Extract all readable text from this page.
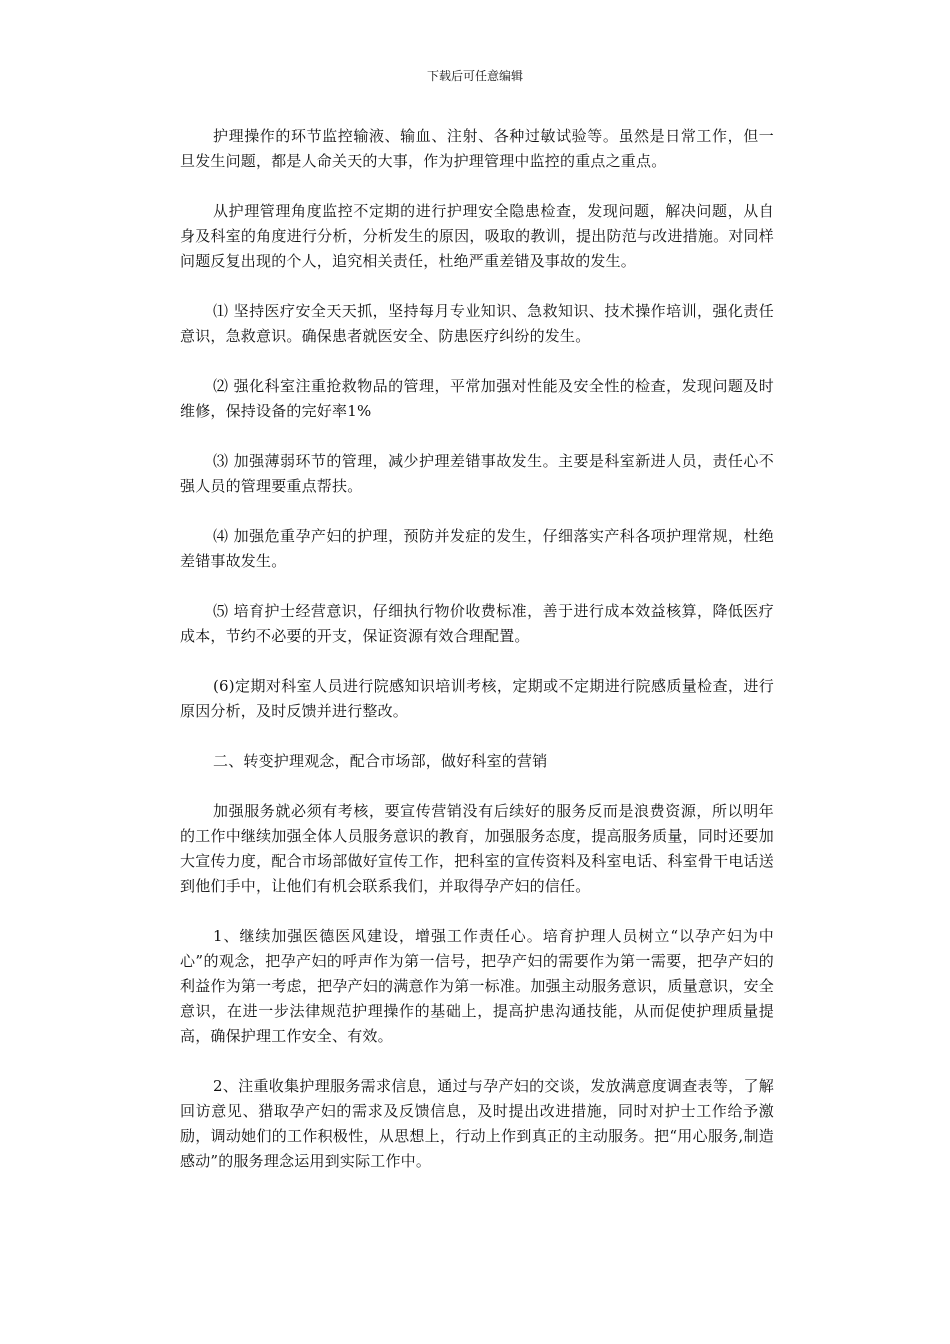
下载后可任意编辑

护理操作的环节监控输液、输血、注射、各种过敏试验等。虽然是日常工作，但一旦发生问题，都是人命关天的大事，作为护理管理中监控的重点之重点。

从护理管理角度监控不定期的进行护理安全隐患检查，发现问题，解决问题，从自身及科室的角度进行分析，分析发生的原因，吸取的教训，提出防范与改进措施。对同样问题反复出现的个人，追究相关责任，杜绝严重差错及事故的发生。

⑴ 坚持医疗安全天天抓，坚持每月专业知识、急救知识、技术操作培训，强化责任意识，急救意识。确保患者就医安全、防患医疗纠纷的发生。

⑵ 强化科室注重抢救物品的管理，平常加强对性能及安全性的检查，发现问题及时维修，保持设备的完好率1%

⑶ 加强薄弱环节的管理，减少护理差错事故发生。主要是科室新进人员，责任心不强人员的管理要重点帮扶。

⑷ 加强危重孕产妇的护理，预防并发症的发生，仔细落实产科各项护理常规，杜绝差错事故发生。

⑸ 培育护士经营意识，仔细执行物价收费标准，善于进行成本效益核算，降低医疗成本，节约不必要的开支，保证资源有效合理配置。

(6)定期对科室人员进行院感知识培训考核，定期或不定期进行院感质量检查，进行原因分析，及时反馈并进行整改。

二、转变护理观念，配合市场部，做好科室的营销

加强服务就必须有考核，要宣传营销没有后续好的服务反而是浪费资源，所以明年的工作中继续加强全体人员服务意识的教育，加强服务态度，提高服务质量，同时还要加大宣传力度，配合市场部做好宣传工作，把科室的宣传资料及科室电话、科室骨干电话送到他们手中，让他们有机会联系我们，并取得孕产妇的信任。

1、继续加强医德医风建设，增强工作责任心。培育护理人员树立“以孕产妇为中心”的观念，把孕产妇的呼声作为第一信号，把孕产妇的需要作为第一需要，把孕产妇的利益作为第一考虑，把孕产妇的满意作为第一标准。加强主动服务意识，质量意识，安全意识，在进一步法律规范护理操作的基础上，提高护患沟通技能，从而促使护理质量提高，确保护理工作安全、有效。

2、注重收集护理服务需求信息，通过与孕产妇的交谈，发放满意度调查表等，了解回访意见、猎取孕产妇的需求及反馈信息，及时提出改进措施，同时对护士工作给予激励，调动她们的工作积极性，从思想上，行动上作到真正的主动服务。把“用心服务,制造感动”的服务理念运用到实际工作中。
